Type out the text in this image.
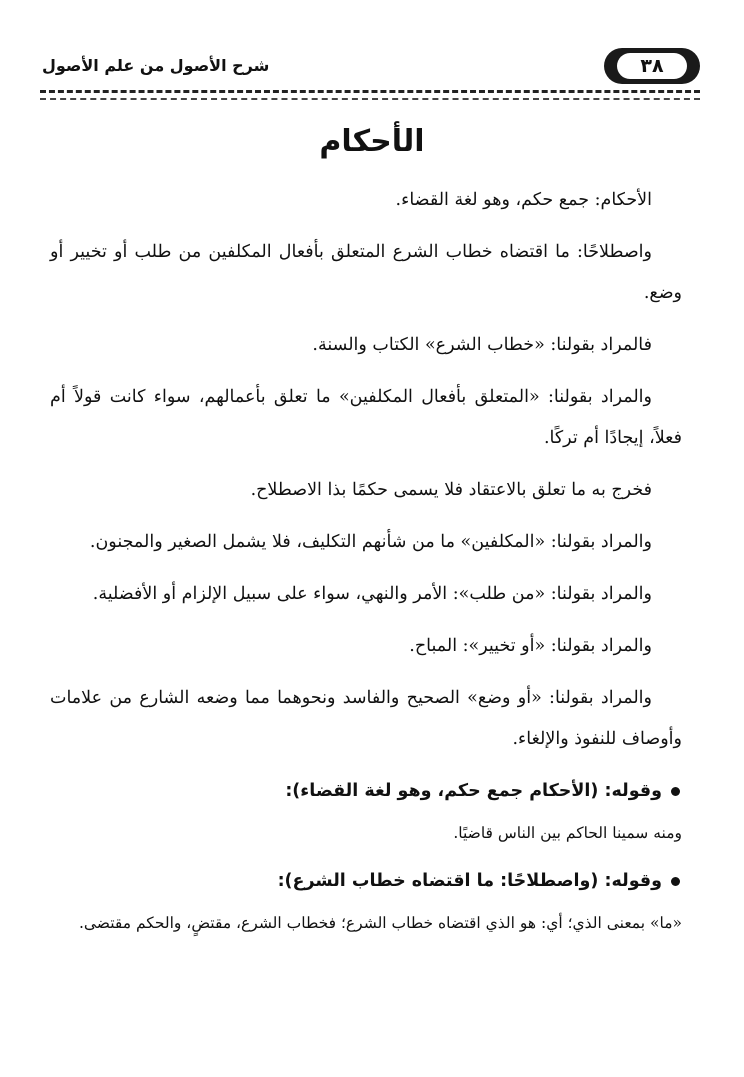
٣٨
شرح الأصول من علم الأصول
الأحكام

الأحكام: جمع حكم، وهو لغة القضاء.

واصطلاحًا: ما اقتضاه خطاب الشرع المتعلق بأفعال المكلفين من طلب أو تخيير أو وضع.

فالمراد بقولنا: «خطاب الشرع» الكتاب والسنة.

والمراد بقولنا: «المتعلق بأفعال المكلفين» ما تعلق بأعمالهم، سواء كانت قولاً أم فعلاً، إيجادًا أم تركًا.

فخرج به ما تعلق بالاعتقاد فلا يسمى حكمًا بذا الاصطلاح.

والمراد بقولنا: «المكلفين» ما من شأنهم التكليف، فلا يشمل الصغير والمجنون.

والمراد بقولنا: «من طلب»: الأمر والنهي، سواء على سبيل الإلزام أو الأفضلية.

والمراد بقولنا: «أو تخيير»: المباح.

والمراد بقولنا: «أو وضع» الصحيح والفاسد ونحوهما مما وضعه الشارع من علامات وأوصاف للنفوذ والإلغاء.

وقوله: (الأحكام جمع حكم، وهو لغة القضاء):

ومنه سمينا الحاكم بين الناس قاضيًا.

وقوله: (واصطلاحًا: ما اقتضاه خطاب الشرع):

«ما» بمعنى الذي؛ أي: هو الذي اقتضاه خطاب الشرع؛ فخطاب الشرع، مقتضٍ، والحكم مقتضى.
